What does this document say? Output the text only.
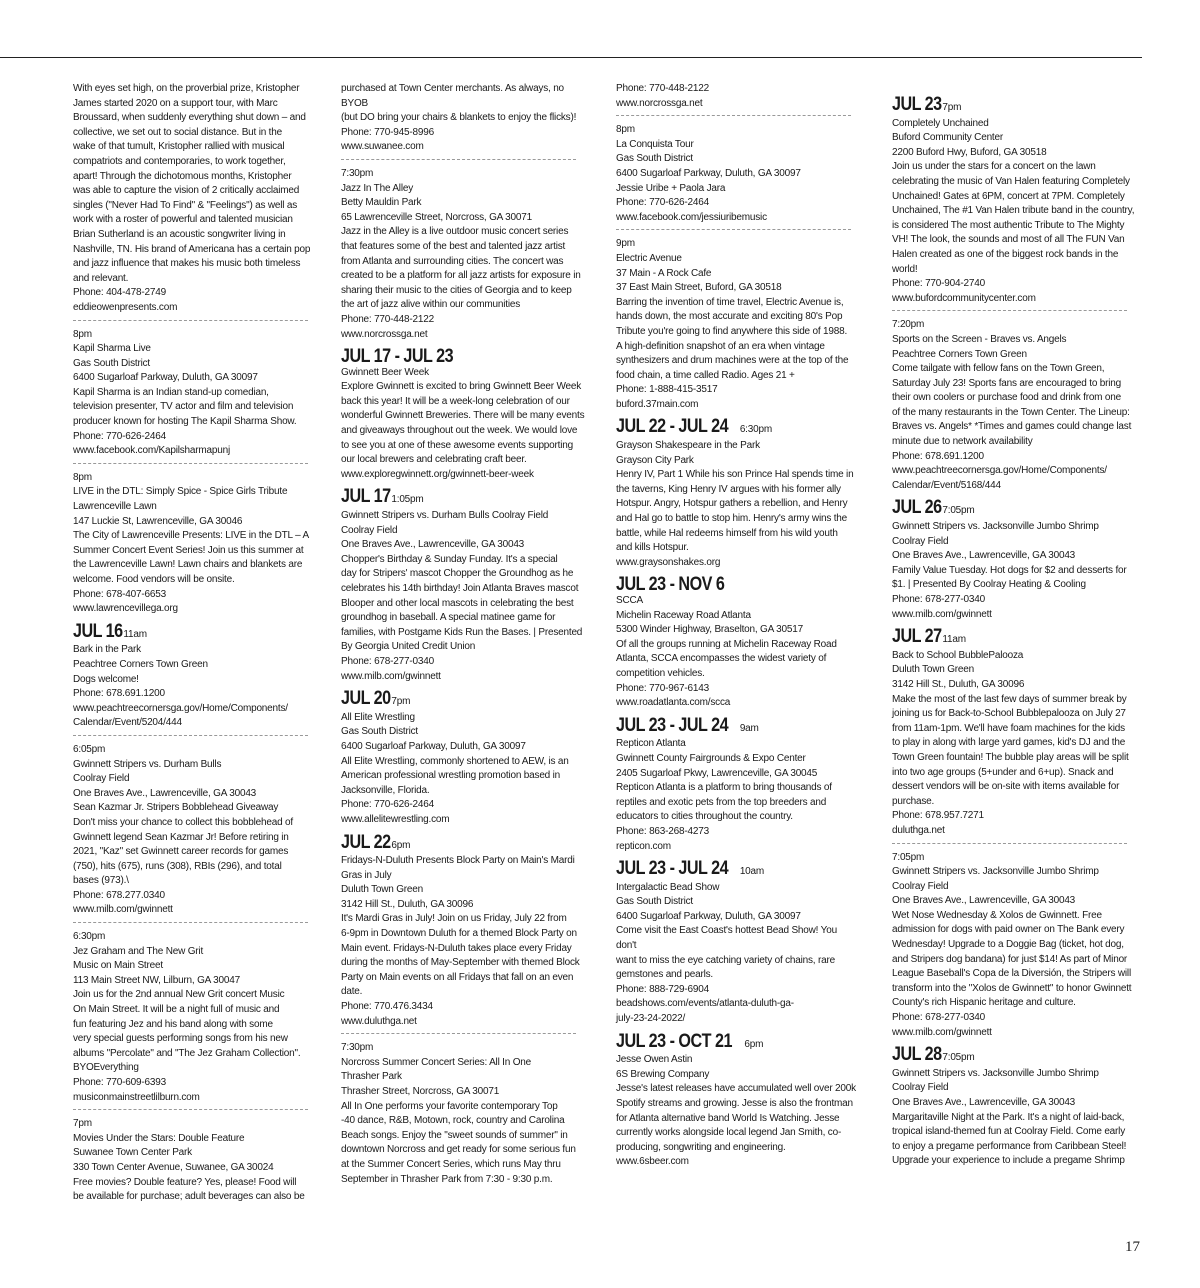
With eyes set high, on the proverbial prize, Kristopher
James started 2020 on a support tour, with Marc
Broussard, when suddenly everything shut down – and
collective, we set out to social distance. But in the
wake of that tumult, Kristopher rallied with musical
compatriots and contemporaries, to work together,
apart! Through the dichotomous months, Kristopher
was able to capture the vision of 2 critically acclaimed
singles ("Never Had To Find" & "Feelings") as well as
work with a roster of powerful and talented musician
Brian Sutherland is an acoustic songwriter living in
Nashville, TN. His brand of Americana has a certain pop
and jazz influence that makes his music both timeless
and relevant.
Phone: 404-478-2749
eddieowenpresents.com
8pm
Kapil Sharma Live
Gas South District
6400 Sugarloaf Parkway, Duluth, GA 30097
Kapil Sharma is an Indian stand-up comedian,
television presenter, TV actor and film and television
producer known for hosting The Kapil Sharma Show.
Phone: 770-626-2464
www.facebook.com/Kapilsharmapunj
8pm
LIVE in the DTL: Simply Spice - Spice Girls Tribute
Lawrenceville Lawn
147 Luckie St, Lawrenceville, GA 30046
The City of Lawrenceville Presents: LIVE in the DTL – A
Summer Concert Event Series! Join us this summer at
the Lawrenceville Lawn! Lawn chairs and blankets are
welcome. Food vendors will be onsite.
Phone: 678-407-6653
www.lawrencevillega.org
JUL 16 11am
Bark in the Park
Peachtree Corners Town Green
Dogs welcome!
Phone: 678.691.1200
www.peachtreecornersga.gov/Home/Components/
Calendar/Event/5204/444
6:05pm
Gwinnett Stripers vs. Durham Bulls
Coolray Field
One Braves Ave., Lawrenceville, GA 30043
Sean Kazmar Jr. Stripers Bobblehead Giveaway
Don't miss your chance to collect this bobblehead of
Gwinnett legend Sean Kazmar Jr! Before retiring in
2021, "Kaz" set Gwinnett career records for games
(750), hits (675), runs (308), RBIs (296), and total
bases (973).\
Phone: 678.277.0340
www.milb.com/gwinnett
6:30pm
Jez Graham and The New Grit
Music on Main Street
113 Main Street NW, Lilburn, GA 30047
Join us for the 2nd annual New Grit concert Music
On Main Street. It will be a night full of music and
fun featuring Jez and his band along with some
very special guests performing songs from his new
albums "Percolate" and "The Jez Graham Collection".
BYOEverything
Phone: 770-609-6393
musiconmainstreetlilburn.com
7pm
Movies Under the Stars: Double Feature
Suwanee Town Center Park
330 Town Center Avenue, Suwanee, GA 30024
Free movies? Double feature? Yes, please! Food will
be available for purchase; adult beverages can also be
purchased at Town Center merchants. As always, no BYOB
(but DO bring your chairs & blankets to enjoy the flicks)!
Phone: 770-945-8996
www.suwanee.com
7:30pm
Jazz In The Alley
Betty Mauldin Park
65 Lawrenceville Street, Norcross, GA 30071
Jazz in the Alley is a live outdoor music concert series
that features some of the best and talented jazz artist
from Atlanta and surrounding cities. The concert was
created to be a platform for all jazz artists for exposure in
sharing their music to the cities of Georgia and to keep
the art of jazz alive within our communities
Phone: 770-448-2122
www.norcrossga.net
JUL 17 - JUL 23
Gwinnett Beer Week
Explore Gwinnett is excited to bring Gwinnett Beer Week
back this year! It will be a week-long celebration of our
wonderful Gwinnett Breweries. There will be many events
and giveaways throughout out the week. We would love
to see you at one of these awesome events supporting
our local brewers and celebrating craft beer.
www.exploregwinnett.org/gwinnett-beer-week
JUL 17 1:05pm
Gwinnett Stripers vs. Durham Bulls Coolray Field
Coolray Field
One Braves Ave., Lawrenceville, GA 30043
Chopper's Birthday & Sunday Funday. It's a special
day for Stripers' mascot Chopper the Groundhog as he
celebrates his 14th birthday! Join Atlanta Braves mascot
Blooper and other local mascots in celebrating the best
groundhog in baseball. A special matinee game for
families, with Postgame Kids Run the Bases. | Presented
By Georgia United Credit Union
Phone: 678-277-0340
www.milb.com/gwinnett
JUL 20 7pm
All Elite Wrestling
Gas South District
6400 Sugarloaf Parkway, Duluth, GA 30097
All Elite Wrestling, commonly shortened to AEW, is an
American professional wrestling promotion based in
Jacksonville, Florida.
Phone: 770-626-2464
www.allelitewrestling.com
JUL 22 6pm
Fridays-N-Duluth Presents Block Party on Main's Mardi
Gras in July
Duluth Town Green
3142 Hill St., Duluth, GA 30096
It's Mardi Gras in July! Join on us Friday, July 22 from
6-9pm in Downtown Duluth for a themed Block Party on
Main event. Fridays-N-Duluth takes place every Friday
during the months of May-September with themed Block
Party on Main events on all Fridays that fall on an even
date.
Phone: 770.476.3434
www.duluthga.net
7:30pm
Norcross Summer Concert Series: All In One
Thrasher Park
Thrasher Street, Norcross, GA 30071
All In One performs your favorite contemporary Top
-40 dance, R&B, Motown, rock, country and Carolina
Beach songs. Enjoy the "sweet sounds of summer" in
downtown Norcross and get ready for some serious fun
at the Summer Concert Series, which runs May thru
September in Thrasher Park from 7:30 - 9:30 p.m.
Phone: 770-448-2122
www.norcrossga.net
8pm
La Conquista Tour
Gas South District
6400 Sugarloaf Parkway, Duluth, GA 30097
Jessie Uribe + Paola Jara
Phone: 770-626-2464
www.facebook.com/jessiuribemusic
9pm
Electric Avenue
37 Main - A Rock Cafe
37 East Main Street, Buford, GA 30518
Barring the invention of time travel, Electric Avenue is,
hands down, the most accurate and exciting 80's Pop
Tribute you're going to find anywhere this side of 1988.
A high-definition snapshot of an era when vintage
synthesizers and drum machines were at the top of the
food chain, a time called Radio. Ages 21 +
Phone: 1-888-415-3517
buford.37main.com
JUL 22 - JUL 24 6:30pm
Grayson Shakespeare in the Park
Grayson City Park
Henry IV, Part 1 While his son Prince Hal spends time in
the taverns, King Henry IV argues with his former ally
Hotspur. Angry, Hotspur gathers a rebellion, and Henry
and Hal go to battle to stop him. Henry's army wins the
battle, while Hal redeems himself from his wild youth
and kills Hotspur.
www.graysonshakes.org
JUL 23 - NOV 6
SCCA
Michelin Raceway Road Atlanta
5300 Winder Highway, Braselton, GA 30517
Of all the groups running at Michelin Raceway Road
Atlanta, SCCA encompasses the widest variety of
competition vehicles.
Phone: 770-967-6143
www.roadatlanta.com/scca
JUL 23 - JUL 24 9am
Repticon Atlanta
Gwinnett County Fairgrounds & Expo Center
2405 Sugarloaf Pkwy, Lawrenceville, GA 30045
Repticon Atlanta is a platform to bring thousands of
reptiles and exotic pets from the top breeders and
educators to cities throughout the country.
Phone: 863-268-4273
repticon.com
JUL 23 - JUL 24 10am
Intergalactic Bead Show
Gas South District
6400 Sugarloaf Parkway, Duluth, GA 30097
Come visit the East Coast's hottest Bead Show! You don't
want to miss the eye catching variety of chains, rare
gemstones and pearls.
Phone: 888-729-6904
beadshows.com/events/atlanta-duluth-ga-
july-23-24-2022/
JUL 23 - OCT 21 6pm
Jesse Owen Astin
6S Brewing Company
Jesse's latest releases have accumulated well over 200k
Spotify streams and growing. Jesse is also the frontman
for Atlanta alternative band World Is Watching. Jesse
currently works alongside local legend Jan Smith, co-
producing, songwriting and engineering.
www.6sbeer.com
JUL 23 7pm
Completely Unchained
Buford Community Center
2200 Buford Hwy, Buford, GA 30518
Join us under the stars for a concert on the lawn
celebrating the music of Van Halen featuring Completely
Unchained! Gates at 6PM, concert at 7PM. Completely
Unchained, The #1 Van Halen tribute band in the country,
is considered The most authentic Tribute to The Mighty
VH! The look, the sounds and most of all The FUN Van
Halen created as one of the biggest rock bands in the
world!
Phone: 770-904-2740
www.bufordcommunitycenter.com
7:20pm
Sports on the Screen - Braves vs. Angels
Peachtree Corners Town Green
Come tailgate with fellow fans on the Town Green,
Saturday July 23! Sports fans are encouraged to bring
their own coolers or purchase food and drink from one
of the many restaurants in the Town Center. The Lineup:
Braves vs. Angels* *Times and games could change last
minute due to network availability
Phone: 678.691.1200
www.peachtreecornersga.gov/Home/Components/
Calendar/Event/5168/444
JUL 26 7:05pm
Gwinnett Stripers vs. Jacksonville Jumbo Shrimp
Coolray Field
One Braves Ave., Lawrenceville, GA 30043
Family Value Tuesday. Hot dogs for $2 and desserts for
$1. | Presented By Coolray Heating & Cooling
Phone: 678-277-0340
www.milb.com/gwinnett
JUL 27 11am
Back to School BubblePalooza
Duluth Town Green
3142 Hill St., Duluth, GA 30096
Make the most of the last few days of summer break by
joining us for Back-to-School Bubblepalooza on July 27
from 11am-1pm. We'll have foam machines for the kids
to play in along with large yard games, kid's DJ and the
Town Green fountain! The bubble play areas will be split
into two age groups (5+under and 6+up). Snack and
dessert vendors will be on-site with items available for
purchase.
Phone: 678.957.7271
duluthga.net
7:05pm
Gwinnett Stripers vs. Jacksonville Jumbo Shrimp
Coolray Field
One Braves Ave., Lawrenceville, GA 30043
Wet Nose Wednesday & Xolos de Gwinnett. Free
admission for dogs with paid owner on The Bank every
Wednesday! Upgrade to a Doggie Bag (ticket, hot dog,
and Stripers dog bandana) for just $14! As part of Minor
League Baseball's Copa de la Diversión, the Stripers will
transform into the "Xolos de Gwinnett" to honor Gwinnett
County's rich Hispanic heritage and culture.
Phone: 678-277-0340
www.milb.com/gwinnett
JUL 28 7:05pm
Gwinnett Stripers vs. Jacksonville Jumbo Shrimp
Coolray Field
One Braves Ave., Lawrenceville, GA 30043
Margaritaville Night at the Park. It's a night of laid-back,
tropical island-themed fun at Coolray Field. Come early
to enjoy a pregame performance from Caribbean Steel!
Upgrade your experience to include a pregame Shrimp
17
